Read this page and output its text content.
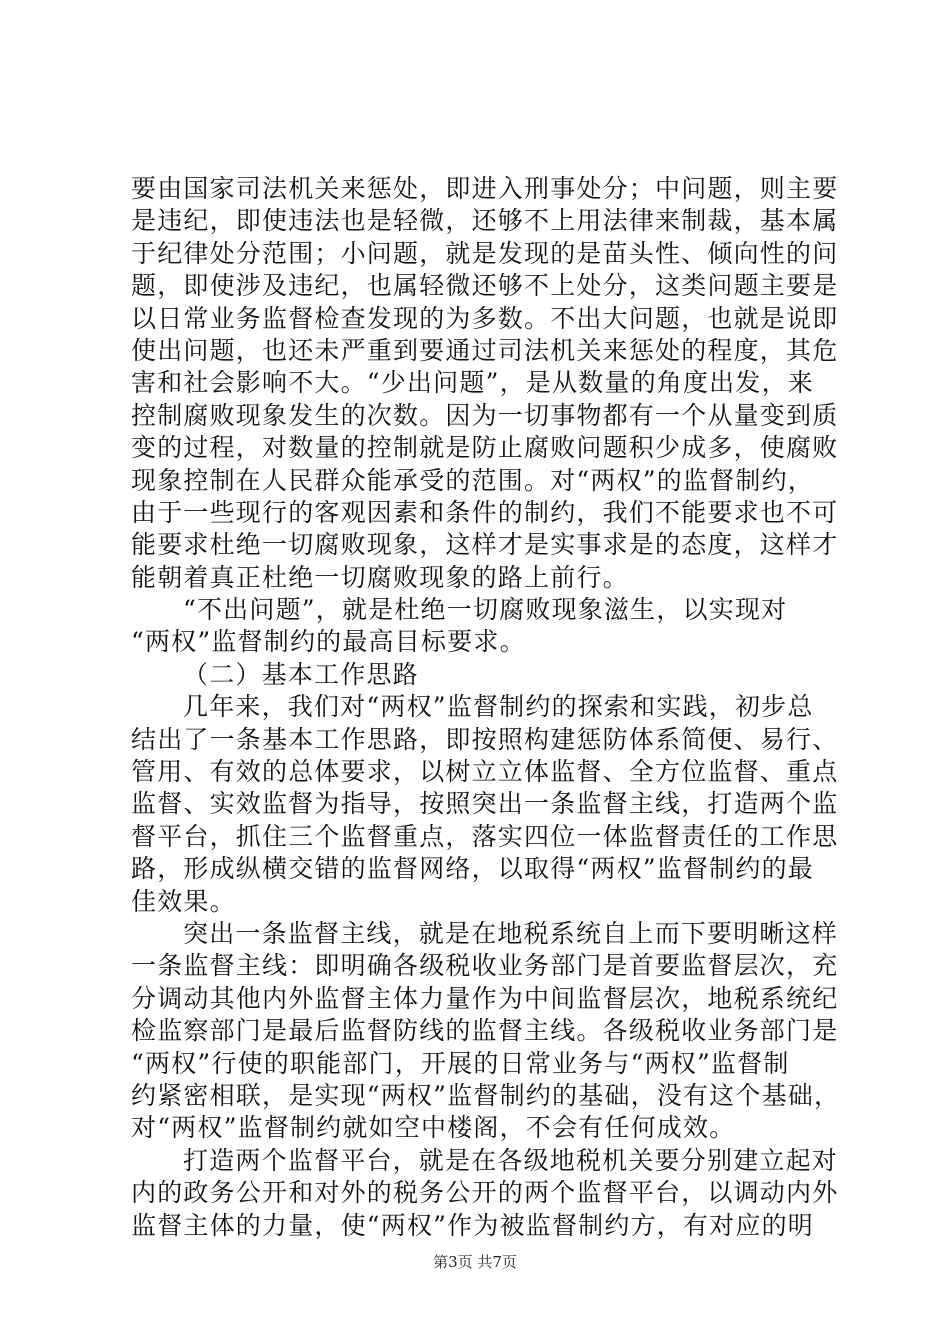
要由国家司法机关来惩处，即进入刑事处分；中问题，则主要
是违纪，即使违法也是轻微，还够不上用法律来制裁，基本属
于纪律处分范围；小问题，就是发现的是苗头性、倾向性的问
题，即使涉及违纪，也属轻微还够不上处分，这类问题主要是
以日常业务监督检查发现的为多数。不出大问题，也就是说即
使出问题，也还未严重到要通过司法机关来惩处的程度，其危
害和社会影响不大。“少出问题”，是从数量的角度出发，来
控制腐败现象发生的次数。因为一切事物都有一个从量变到质
变的过程，对数量的控制就是防止腐败问题积少成多，使腐败
现象控制在人民群众能承受的范围。对“两权”的监督制约，
由于一些现行的客观因素和条件的制约，我们不能要求也不可
能要求杜绝一切腐败现象，这样才是实事求是的态度，这样才
能朝着真正杜绝一切腐败现象的路上前行。
“不出问题”，就是杜绝一切腐败现象滋生，以实现对
“两权”监督制约的最高目标要求。
（二）基本工作思路
几年来，我们对“两权”监督制约的探索和实践，初步总
结出了一条基本工作思路，即按照构建惩防体系简便、易行、
管用、有效的总体要求，以树立立体监督、全方位监督、重点
监督、实效监督为指导，按照突出一条监督主线，打造两个监
督平台，抓住三个监督重点，落实四位一体监督责任的工作思
路，形成纵横交错的监督网络，以取得“两权”监督制约的最
佳效果。
突出一条监督主线，就是在地税系统自上而下要明晰这样
一条监督主线：即明确各级税收业务部门是首要监督层次，充
分调动其他内外监督主体力量作为中间监督层次，地税系统纪
检监察部门是最后监督防线的监督主线。各级税收业务部门是
“两权”行使的职能部门，开展的日常业务与“两权”监督制
约紧密相联，是实现“两权”监督制约的基础，没有这个基础，
对“两权”监督制约就如空中楼阁，不会有任何成效。
打造两个监督平台，就是在各级地税机关要分别建立起对
内的政务公开和对外的税务公开的两个监督平台，以调动内外
监督主体的力量，使“两权”作为被监督制约方，有对应的明
第3页 共7页
